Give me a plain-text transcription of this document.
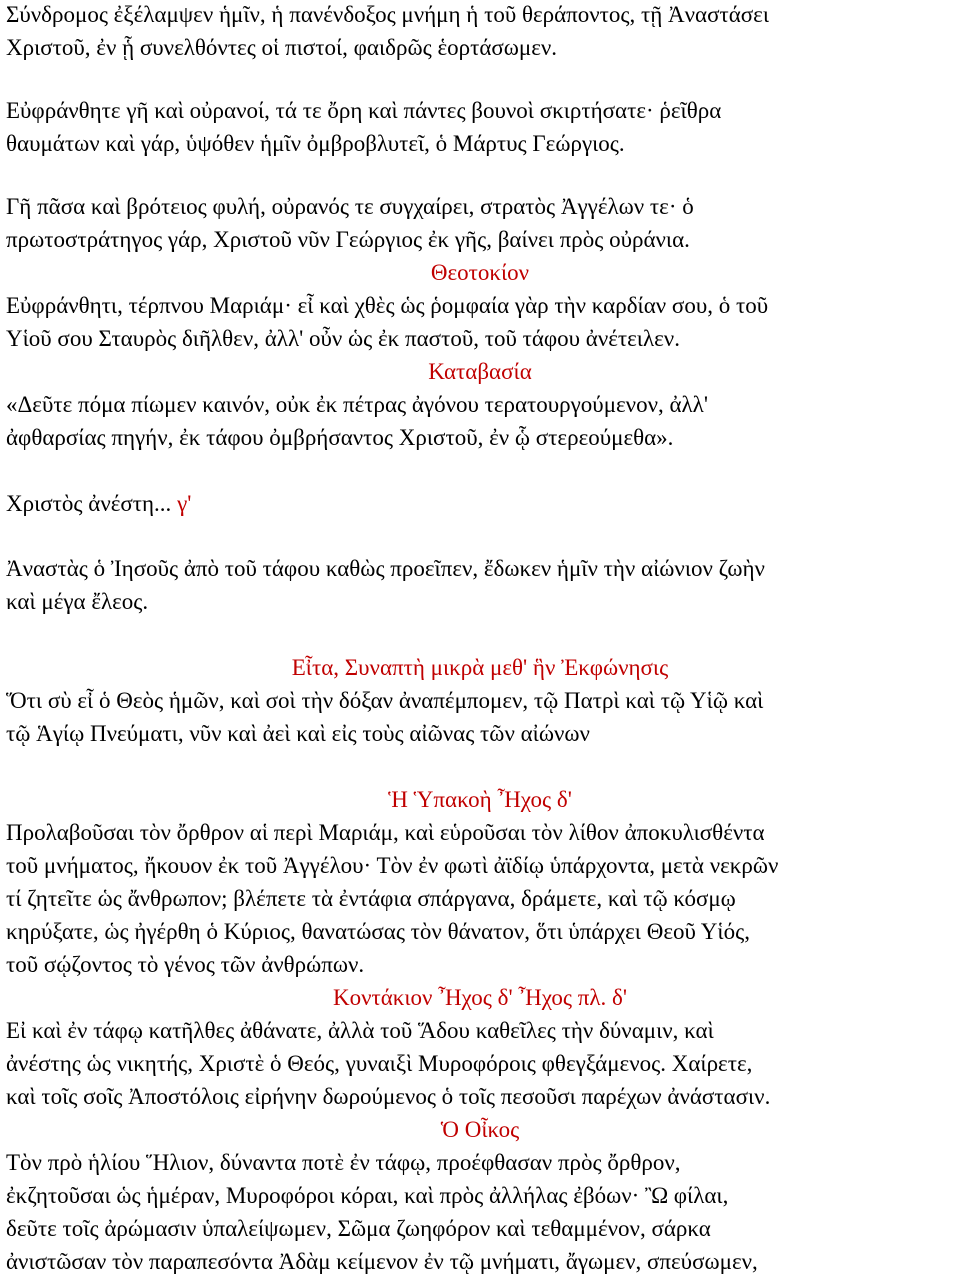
Σύνδρομος ἐξέλαμψεν ἡμῖν, ἡ πανένδοξος μνήμη ἡ τοῦ θεράποντος, τῇ Ἀναστάσει

Χριστοῦ, ἐν ᾗ συνελθόντες οἱ πιστοί, φαιδρῶς ἑορτάσωμεν.

Εὐφράνθητε γῆ καὶ οὐρανοί, τά τε ὄρη καὶ πάντες βουνοὶ σκιρτήσατε· ῥεῖθρα

θαυμάτων καὶ γάρ, ὑψόθεν ἡμῖν ὀμβροβλυτεῖ, ὁ Μάρτυς Γεώργιος.

Γῆ πᾶσα καὶ βρότειος φυλή, οὐρανός τε συγχαίρει, στρατὸς Ἀγγέλων τε· ὁ

πρωτοστράτηγος γάρ, Χριστοῦ νῦν Γεώργιος ἐκ γῆς, βαίνει πρὸς οὐράνια.

Θεοτοκίον

Εὐφράνθητι, τέρπνου Μαριάμ· εἶ καὶ χθὲς ὡς ῥομφαία γὰρ τὴν καρδίαν σου, ὁ τοῦ

Υἱοῦ σου Σταυρὸς διῆλθεν, ἀλλ' οὖν ὡς ἐκ παστοῦ, τοῦ τάφου ἀνέτειλεν.

Καταβασία

«Δεῦτε πόμα πίωμεν καινόν, οὐκ ἐκ πέτρας ἀγόνου τερατουργούμενον, ἀλλ'

ἀφθαρσίας πηγήν, ἐκ τάφου ὀμβρήσαντος Χριστοῦ, ἐν ᾧ στερεούμεθα».

Χριστὸς ἀνέστη... γ'

Ἀναστὰς ὁ Ἰησοῦς ἀπὸ τοῦ τάφου καθὼς προεῖπεν, ἔδωκεν ἡμῖν τὴν αἰώνιον ζωὴν

καὶ μέγα ἔλεος.

Εἶτα, Συναπτὴ μικρὰ μεθ' ἣν Ἐκφώνησις

Ὅτι σὺ εἶ ὁ Θεὸς ἡμῶν, καὶ σοὶ τὴν δόξαν ἀναπέμπομεν, τῷ Πατρὶ καὶ τῷ Υἱῷ καὶ

τῷ Ἁγίῳ Πνεύματι, νῦν καὶ ἀεὶ καὶ εἰς τοὺς αἰῶνας τῶν αἰώνων

Ἡ Ὑπακοὴ Ἦχος δ'

Προλαβοῦσαι τὸν ὄρθρον αἱ περὶ Μαριάμ, καὶ εὑροῦσαι τὸν λίθον ἀποκυλισθέντα

τοῦ μνήματος, ἤκουον ἐκ τοῦ Ἀγγέλου· Τὸν ἐν φωτὶ ἀϊδίῳ ὑπάρχοντα, μετὰ νεκρῶν

τί ζητεῖτε ὡς ἄνθρωπον; βλέπετε τὰ ἐντάφια σπάργανα, δράμετε, καὶ τῷ κόσμῳ

κηρύξατε, ὡς ἠγέρθη ὁ Κύριος, θανατώσας τὸν θάνατον, ὅτι ὑπάρχει Θεοῦ Υἱός,

τοῦ σῴζοντος τὸ γένος τῶν ἀνθρώπων.

Κοντάκιον Ἦχος δ' Ἦχος πλ. δ'

Εἰ καὶ ἐν τάφῳ κατῆλθες ἀθάνατε, ἀλλὰ τοῦ Ἅδου καθεῖλες τὴν δύναμιν, καὶ

ἀνέστης ὡς νικητής, Χριστὲ ὁ Θεός, γυναιξὶ Μυροφόροις φθεγξάμενος. Χαίρετε,

καὶ τοῖς σοῖς Ἀποστόλοις εἰρήνην δωρούμενος ὁ τοῖς πεσοῦσι παρέχων ἀνάστασιν.

Ὁ Οἶκος

Τὸν πρὸ ἡλίου Ἥλιον, δύναντα ποτὲ ἐν τάφῳ, προέφθασαν πρὸς ὄρθρον,

ἐκζητοῦσαι ὡς ἡμέραν, Μυροφόροι κόραι, καὶ πρὸς ἀλλήλας ἐβόων· Ὢ φίλαι,

δεῦτε τοῖς ἀρώμασιν ὑπαλείψωμεν, Σῶμα ζωηφόρον καὶ τεθαμμένον, σάρκα

ἀνιστῶσαν τὸν παραπεσόντα Ἀδὰμ κείμενον ἐν τῷ μνήματι, ἄγωμεν, σπεύσωμεν,
